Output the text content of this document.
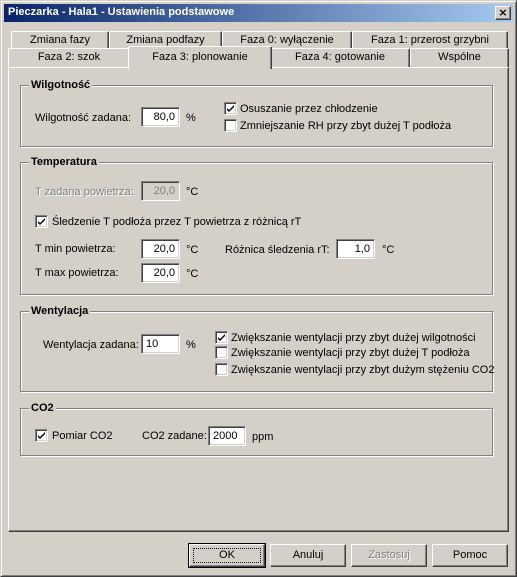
Pieczarka - Hala1 - Ustawienia podstawowe	×
Zmiana fazy	Zmiana podfazy	Faza 0: wyłączenie	Faza 1: przerost grzybni
Faza 2: szok	Faza 3: plonowanie	Faza 4: gotowanie	Wspólne
Wilgotność
Wilgotność zadana:	80,0	%
Osuszanie przez chłodzenie
Zmniejszanie RH przy zbyt dużej T podłoża
Temperatura
T zadana powietrza:	20,0	°C
Śledzenie T podłoża przez T powietrza z różnicą rT
T min powietrza:	20,0	°C Różnica śledzenia rT:	1,0	°C
T max powietrza:	20,0	°C
Wentylacja
Wentylacja zadana: 10	%
Zwiększanie wentylacji przy zbyt dużej wilgotności
Zwiększanie wentylacji przy zbyt dużej T podłoża
Zwiększanie wentylacji przy zbyt dużym stężeniu CO2
CO2
Pomiar CO2	CO2 zadane: 2000	ppm
OK	Anuluj	Zastosuj	Pomoc
